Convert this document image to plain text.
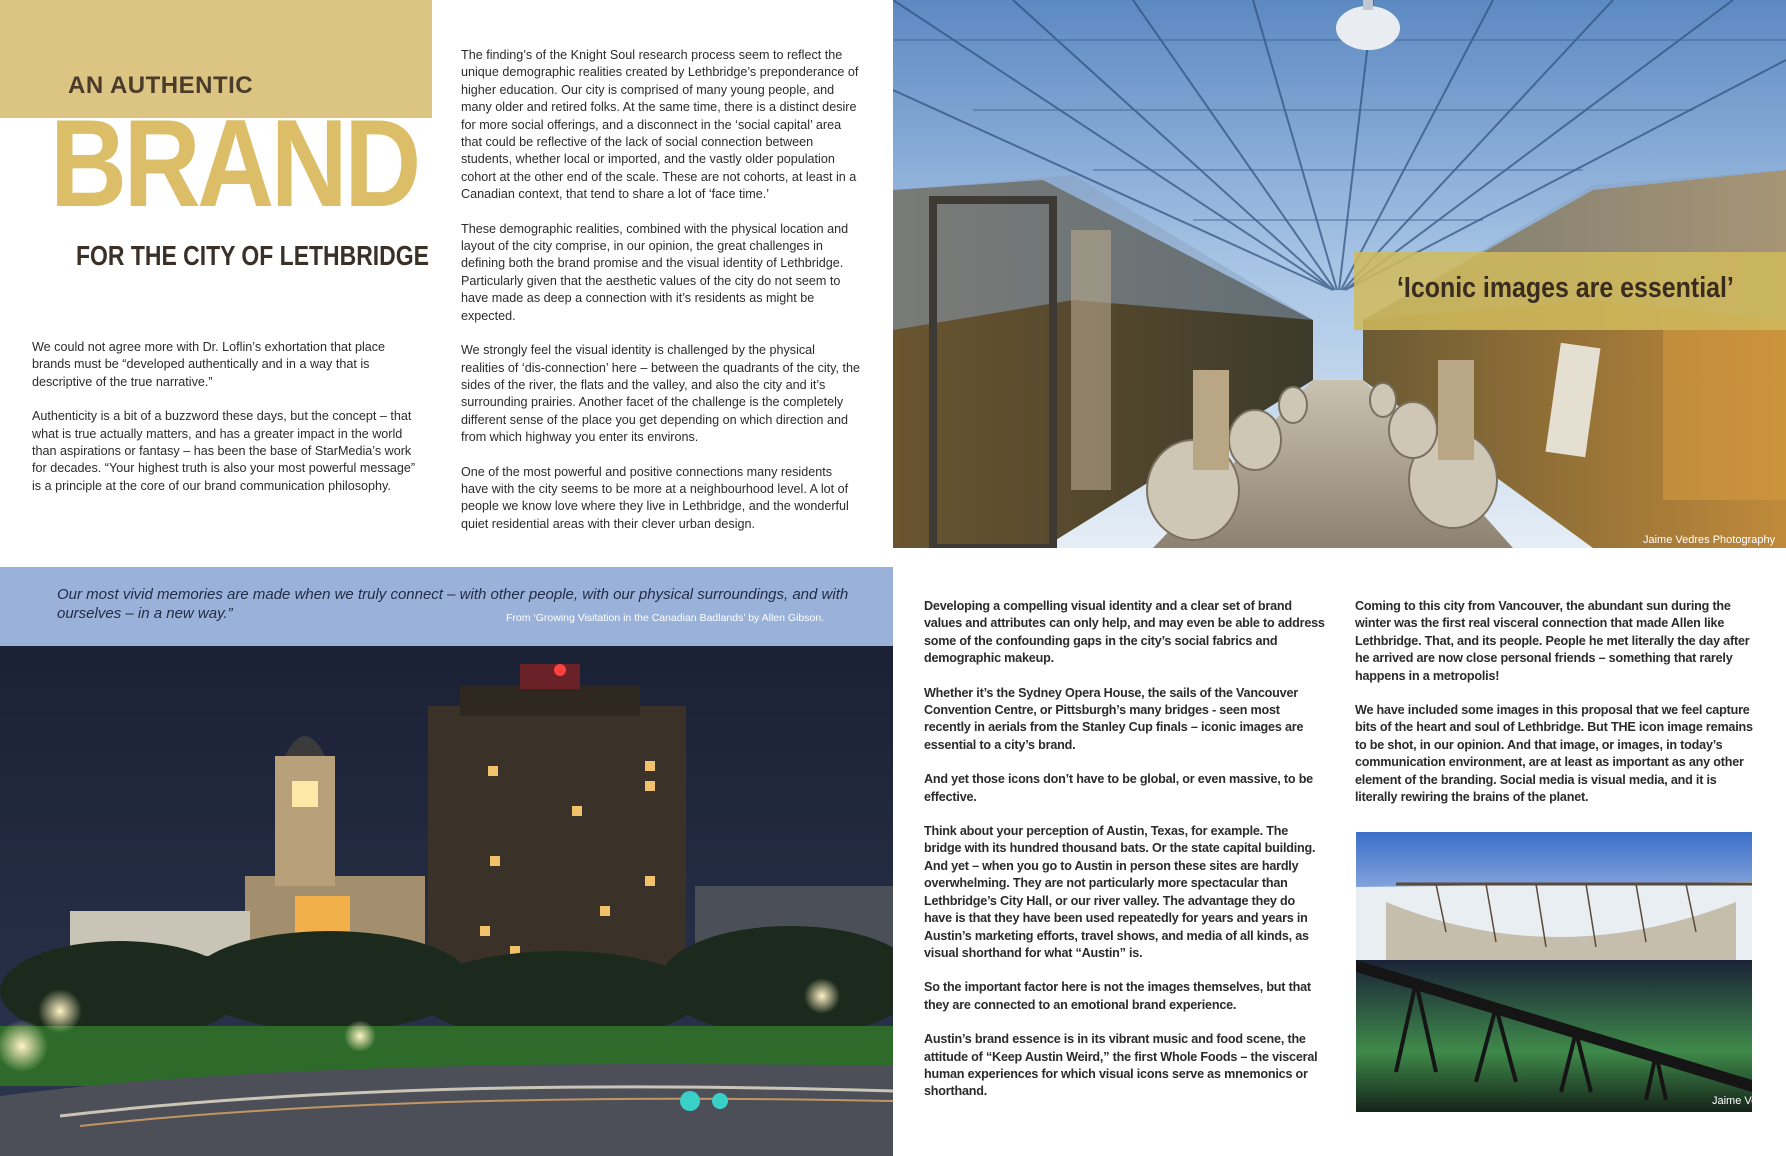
AN AUTHENTIC
BRAND
FOR THE CITY OF LETHBRIDGE

We could not agree more with Dr. Loflin’s exhortation that place brands must be “developed authentically and in a way that is descriptive of the true narrative.”

Authenticity is a bit of a buzzword these days, but the concept – that what is true actually matters, and has a greater impact in the world than aspirations or fantasy – has been the base of StarMedia’s work for decades. “Your highest truth is also your most powerful message” is a principle at the core of our brand communication philosophy.

The finding’s of the Knight Soul research process seem to reflect the unique demographic realities created by Lethbridge’s preponderance of higher education. Our city is comprised of many young people, and many older and retired folks. At the same time, there is a distinct desire for more social offerings, and a disconnect in the ‘social capital’ area that could be reflective of the lack of social connection between students, whether local or imported, and the vastly older population cohort at the other end of the scale. These are not cohorts, at least in a Canadian context, that tend to share a lot of ‘face time.’

These demographic realities, combined with the physical location and layout of the city comprise, in our opinion, the great challenges in defining both the brand promise and the visual identity of Lethbridge. Particularly given that the aesthetic values of the city do not seem to have made as deep a connection with it’s residents as might be expected.

We strongly feel the visual identity is challenged by the physical realities of ‘dis-connection’ here – between the quadrants of the city, the sides of the river, the flats and the valley, and also the city and it’s surrounding prairies. Another facet of the challenge is the completely different sense of the place you get depending on which direction and from which highway you enter its environs.

One of the most powerful and positive connections many residents have with the city seems to be more at a neighbourhood level. A lot of people we know love where they live in Lethbridge, and the wonderful quiet residential areas with their clever urban design.

‘Iconic images are essential’
Jaime Vedres Photography

Our most vivid memories are made when we truly connect – with other people, with our physical surroundings, and with ourselves – in a new way.”	From ‘Growing Visitation in the Canadian Badlands’ by Allen Gibson.

Developing a compelling visual identity and a clear set of brand values and attributes can only help, and may even be able to address some of the confounding gaps in the city’s social fabrics and demographic makeup.

Whether it’s the Sydney Opera House, the sails of the Vancouver Convention Centre, or Pittsburgh’s many bridges - seen most recently in aerials from the Stanley Cup finals – iconic images are essential to a city’s brand.

And yet those icons don’t have to be global, or even massive, to be effective.

Think about your perception of Austin, Texas, for example. The bridge with its hundred thousand bats. Or the state capital building. And yet – when you go to Austin in person these sites are hardly overwhelming. They are not particularly more spectacular than Lethbridge’s City Hall, or our river valley. The advantage they do have is that they have been used repeatedly for years and years in Austin’s marketing efforts, travel shows, and media of all kinds, as visual shorthand for what “Austin” is.

So the important factor here is not the images themselves, but that they are connected to an emotional brand experience.

Austin’s brand essence is in its vibrant music and food scene, the attitude of “Keep Austin Weird,” the first Whole Foods – the visceral human experiences for which visual icons serve as mnemonics or shorthand.

Coming to this city from Vancouver, the abundant sun during the winter was the first real visceral connection that made Allen like Lethbridge. That, and its people. People he met literally the day after he arrived are now close personal friends – something that rarely happens in a metropolis!

We have included some images in this proposal that we feel capture bits of the heart and soul of Lethbridge. But THE icon image remains to be shot, in our opinion. And that image, or images, in today’s communication environment, are at least as important as any other element of the branding. Social media is visual media, and it is literally rewiring the brains of the planet.

Jaime Ve
